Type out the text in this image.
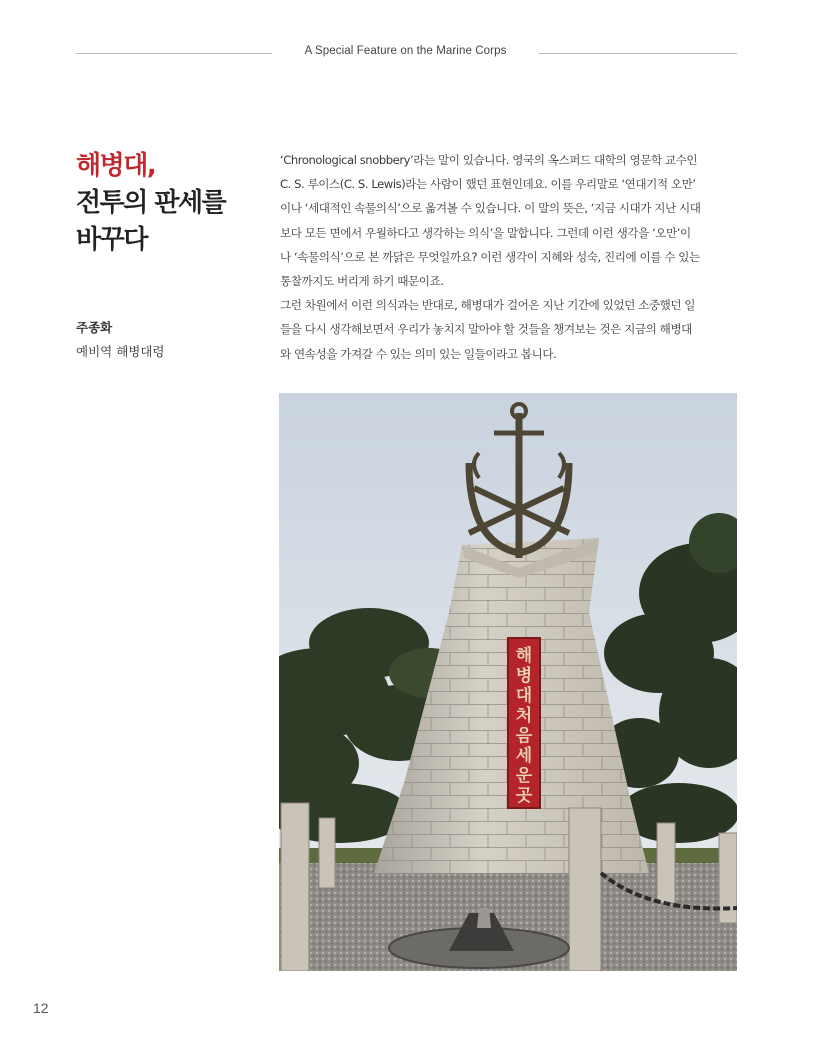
A Special Feature on the Marine Corps
해병대,
전투의 판세를
바꾸다
주종화
예비역 해병대령

‘Chronological snobbery’라는 말이 있습니다. 영국의 옥스퍼드 대학의 영문학 교수인
C. S. 루이스(C. S. Lewis)라는 사람이 했던 표현인데요. 이를 우리말로 ‘연대기적 오만’
이나 ‘세대적인 속물의식’으로 옮겨볼 수 있습니다. 이 말의 뜻은, ‘지금 시대가 지난 시대
보다 모든 면에서 우월하다고 생각하는 의식’을 말합니다. 그런데 이런 생각을 ‘오만’이
나 ‘속물의식’으로 본 까닭은 무엇일까요? 이런 생각이 지혜와 성숙, 진리에 이를 수 있는
통찰까지도 버리게 하기 때문이죠.

그런 차원에서 이런 의식과는 반대로, 해병대가 걸어온 지난 기간에 있었던 소중했던 일
들을 다시 생각해보면서 우리가 놓치지 말아야 할 것들을 챙겨보는 것은 지금의 해병대
와 연속성을 가져갈 수 있는 의미 있는 일들이라고 봅니다.

해 병 대 처 음 세 운 곳
12
